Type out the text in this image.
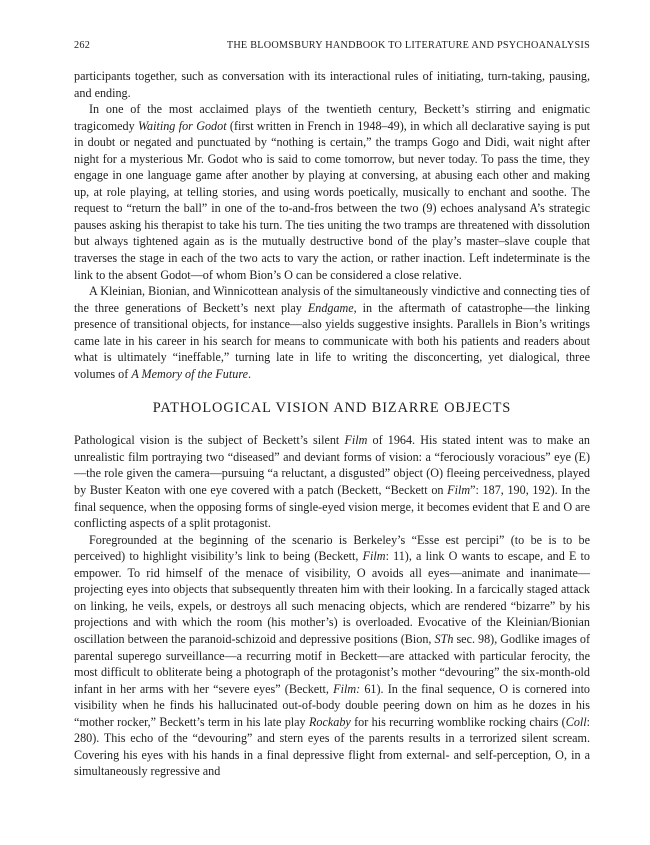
262	THE BLOOMSBURY HANDBOOK TO LITERATURE AND PSYCHOANALYSIS

participants together, such as conversation with its interactional rules of initiating, turn-taking, pausing, and ending.

In one of the most acclaimed plays of the twentieth century, Beckett’s stirring and enigmatic tragicomedy Waiting for Godot (first written in French in 1948–49), in which all declarative saying is put in doubt or negated and punctuated by “nothing is certain,” the tramps Gogo and Didi, wait night after night for a mysterious Mr. Godot who is said to come tomorrow, but never today. To pass the time, they engage in one language game after another by playing at conversing, at abusing each other and making up, at role playing, at telling stories, and using words poetically, musically to enchant and soothe. The request to “return the ball” in one of the to-and-fros between the two (9) echoes analysand A’s strategic pauses asking his therapist to take his turn. The ties uniting the two tramps are threatened with dissolution but always tightened again as is the mutually destructive bond of the play’s master–slave couple that traverses the stage in each of the two acts to vary the action, or rather inaction. Left indeterminate is the link to the absent Godot—of whom Bion’s O can be considered a close relative.

A Kleinian, Bionian, and Winnicottean analysis of the simultaneously vindictive and connecting ties of the three generations of Beckett’s next play Endgame, in the aftermath of catastrophe—the linking presence of transitional objects, for instance—also yields suggestive insights. Parallels in Bion’s writings came late in his career in his search for means to communicate with both his patients and readers about what is ultimately “ineffable,” turning late in life to writing the disconcerting, yet dialogical, three volumes of A Memory of the Future.

PATHOLOGICAL VISION AND BIZARRE OBJECTS

Pathological vision is the subject of Beckett’s silent Film of 1964. His stated intent was to make an unrealistic film portraying two “diseased” and deviant forms of vision: a “ferociously voracious” eye (E)—the role given the camera—pursuing “a reluctant, a disgusted” object (O) fleeing perceivedness, played by Buster Keaton with one eye covered with a patch (Beckett, “Beckett on Film”: 187, 190, 192). In the final sequence, when the opposing forms of single-eyed vision merge, it becomes evident that E and O are conflicting aspects of a split protagonist.

Foregrounded at the beginning of the scenario is Berkeley’s “Esse est percipi” (to be is to be perceived) to highlight visibility’s link to being (Beckett, Film: 11), a link O wants to escape, and E to empower. To rid himself of the menace of visibility, O avoids all eyes—animate and inanimate—projecting eyes into objects that subsequently threaten him with their looking. In a farcically staged attack on linking, he veils, expels, or destroys all such menacing objects, which are rendered “bizarre” by his projections and with which the room (his mother’s) is overloaded. Evocative of the Kleinian/Bionian oscillation between the paranoid-schizoid and depressive positions (Bion, STh sec. 98), Godlike images of parental superego surveillance—a recurring motif in Beckett—are attacked with particular ferocity, the most difficult to obliterate being a photograph of the protagonist’s mother “devouring” the six-month-old infant in her arms with her “severe eyes” (Beckett, Film: 61). In the final sequence, O is cornered into visibility when he finds his hallucinated out-of-body double peering down on him as he dozes in his “mother rocker,” Beckett’s term in his late play Rockaby for his recurring womblike rocking chairs (Coll: 280). This echo of the “devouring” and stern eyes of the parents results in a terrorized silent scream. Covering his eyes with his hands in a final depressive flight from external- and self-perception, O, in a simultaneously regressive and
